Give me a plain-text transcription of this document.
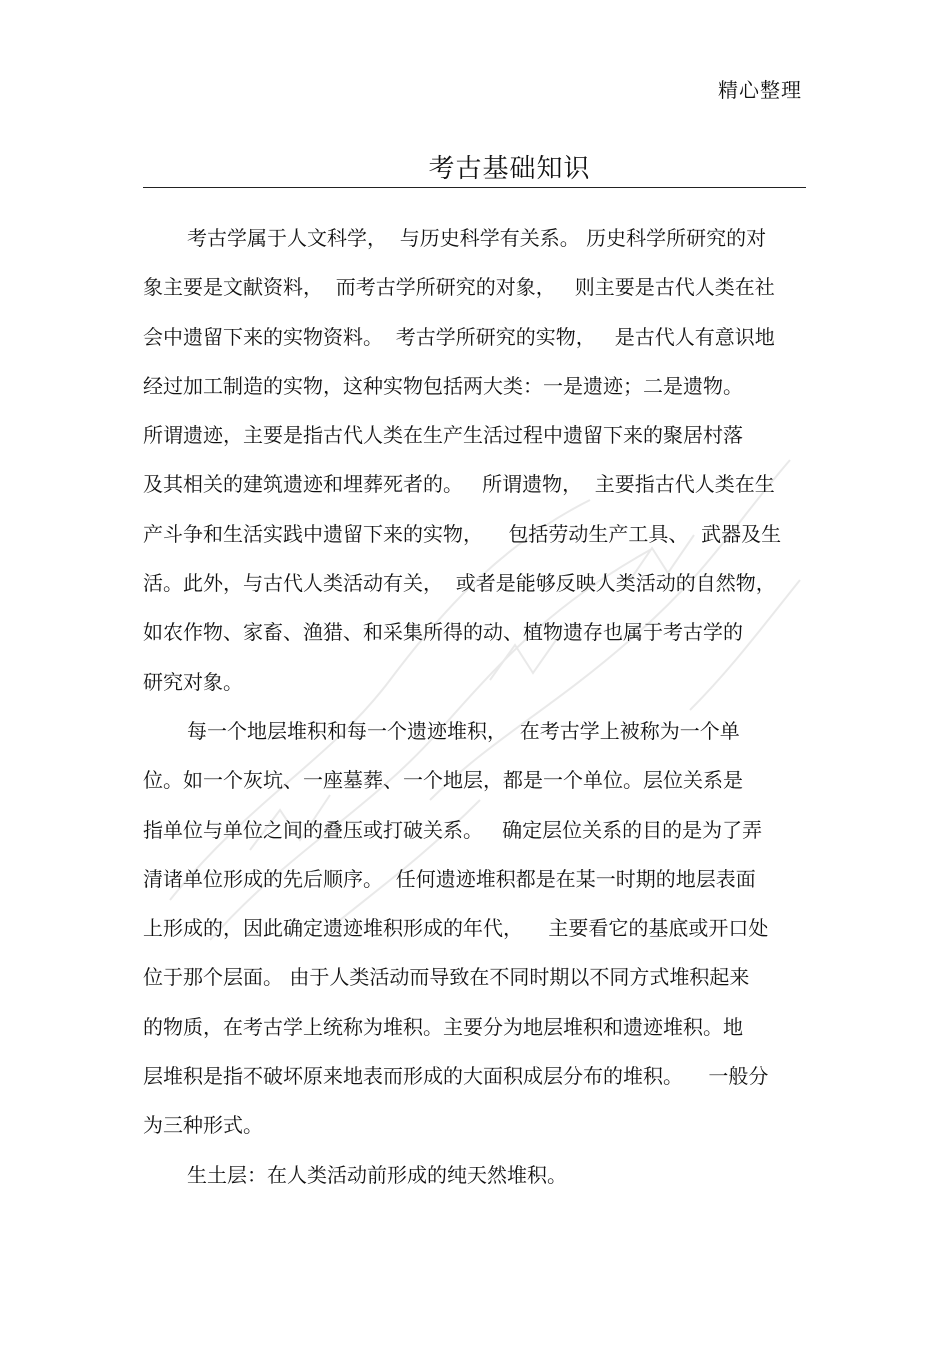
精心整理
考古基础知识
考古学属于人文科学，  与历史科学有关系。 历史科学所研究的对
象主要是文献资料，  而考古学所研究的对象，   则主要是古代人类在社
会中遗留下来的实物资料。  考古学所研究的实物，   是古代人有意识地
经过加工制造的实物，这种实物包括两大类：一是遗迹；二是遗物。
所谓遗迹，主要是指古代人类在生产生活过程中遗留下来的聚居村落
及其相关的建筑遗迹和埋葬死者的。   所谓遗物，  主要指古代人类在生
产斗争和生活实践中遗留下来的实物，    包括劳动生产工具、  武器及生
活。此外，与古代人类活动有关，  或者是能够反映人类活动的自然物，
如农作物、家畜、渔猎、和采集所得的动、植物遗存也属于考古学的
研究对象。
每一个地层堆积和每一个遗迹堆积，  在考古学上被称为一个单
位。如一个灰坑、一座墓葬、一个地层，都是一个单位。层位关系是
指单位与单位之间的叠压或打破关系。   确定层位关系的目的是为了弄
清诸单位形成的先后顺序。  任何遗迹堆积都是在某一时期的地层表面
上形成的，因此确定遗迹堆积形成的年代，    主要看它的基底或开口处
位于那个层面。 由于人类活动而导致在不同时期以不同方式堆积起来
的物质，在考古学上统称为堆积。主要分为地层堆积和遗迹堆积。地
层堆积是指不破坏原来地表而形成的大面积成层分布的堆积。    一般分
为三种形式。
生土层：在人类活动前形成的纯天然堆积。
